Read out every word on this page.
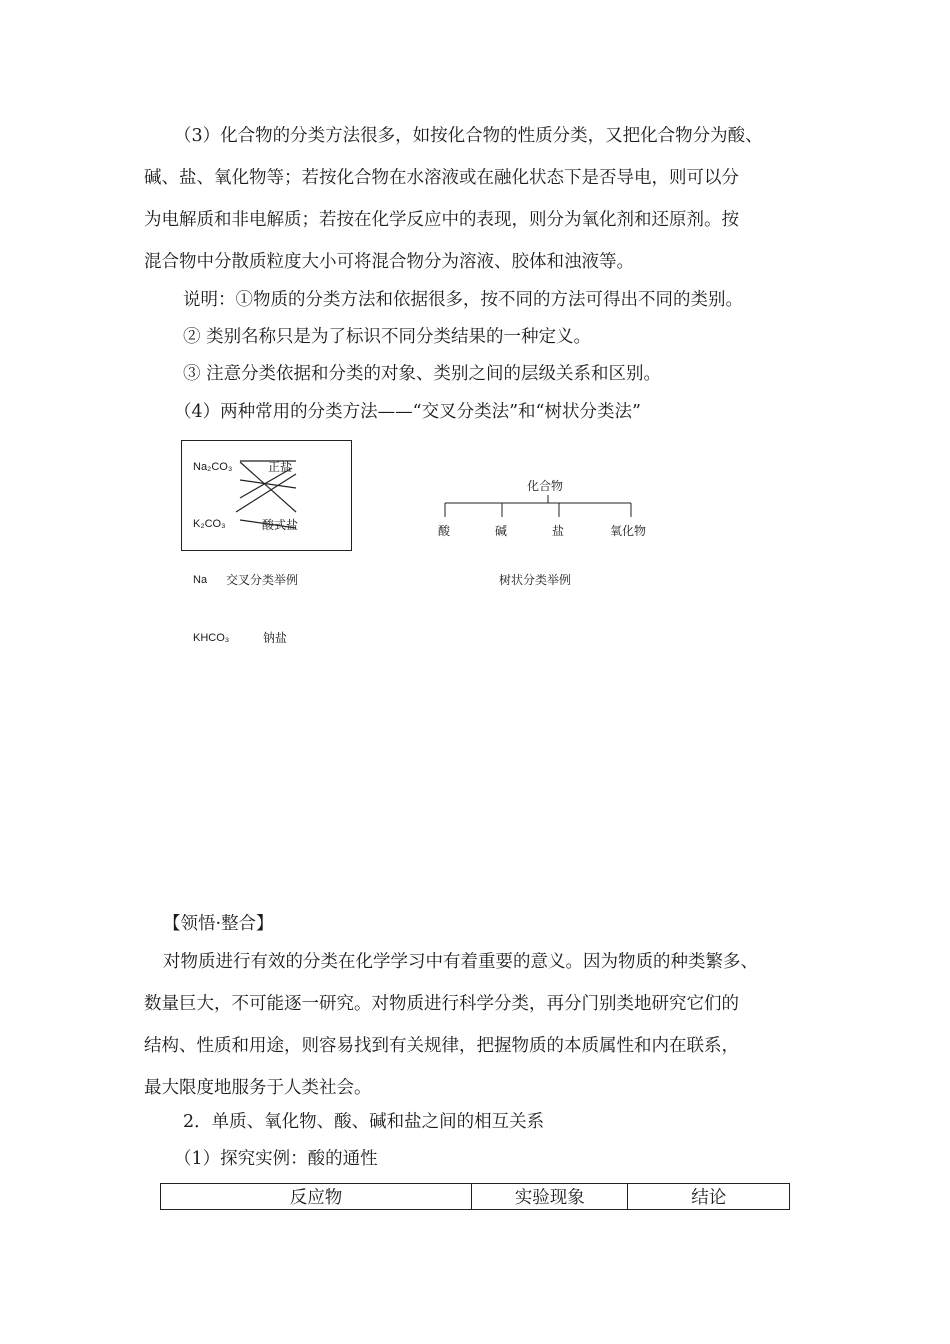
（3）化合物的分类方法很多，如按化合物的性质分类，又把化合物分为酸、
碱、盐、氧化物等；若按化合物在水溶液或在融化状态下是否导电，则可以分
为电解质和非电解质；若按在化学反应中的表现，则分为氧化剂和还原剂。按
混合物中分散质粒度大小可将混合物分为溶液、胶体和浊液等。
说明：①物质的分类方法和依据很多，按不同的方法可得出不同的类别。
② 类别名称只是为了标识不同分类结果的一种定义。
③ 注意分类依据和分类的对象、类别之间的层级关系和区别。
（4）两种常用的分类方法——“交叉分类法”和“树状分类法”
Na₂CO₃
K₂CO₃
正盐
酸式盐
Na 交叉分类举例
KHCO₃	钠盐
化合物
酸	碱	盐	氧化物
树状分类举例
【领悟·整合】
对物质进行有效的分类在化学学习中有着重要的意义。因为物质的种类繁多、
数量巨大，不可能逐一研究。对物质进行科学分类，再分门别类地研究它们的
结构、性质和用途，则容易找到有关规律，把握物质的本质属性和内在联系，
最大限度地服务于人类社会。
2．单质、氧化物、酸、碱和盐之间的相互关系
（1）探究实例：酸的通性
反应物	实验现象	结论
